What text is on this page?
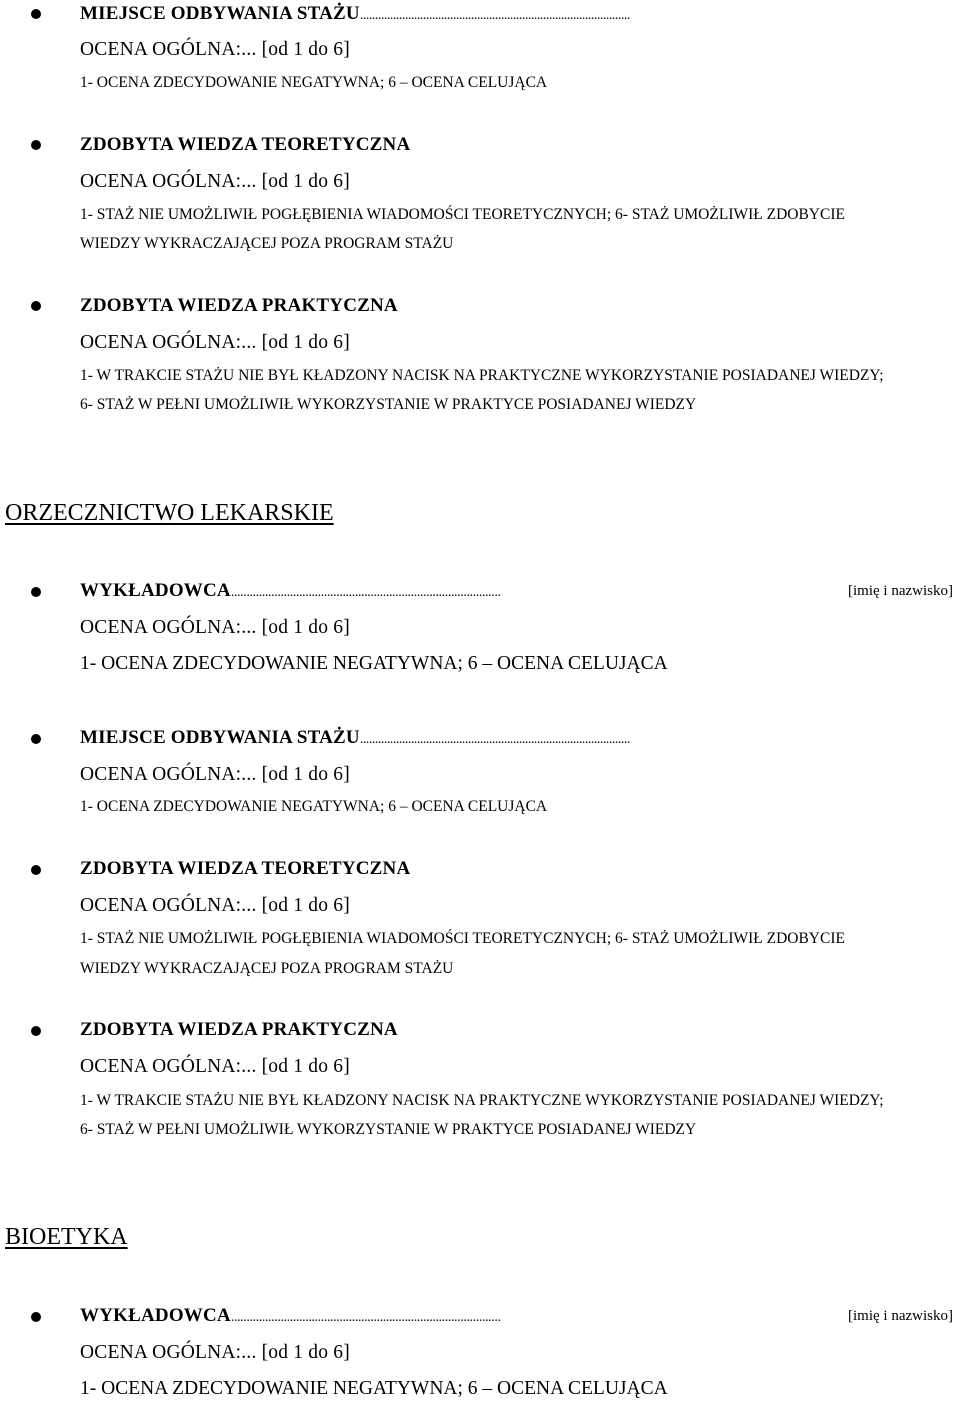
MIEJSCE ODBYWANIA STAŻU..........................................................................................
OCENA OGÓLNA:... [od 1 do 6]
1- OCENA ZDECYDOWANIE NEGATYWNA; 6 – OCENA CELUJĄCA
ZDOBYTA WIEDZA TEORETYCZNA
OCENA OGÓLNA:... [od 1 do 6]
1- STAŻ NIE UMOŻLIWIŁ POGŁĘBIENIA WIADOMOŚCI TEORETYCZNYCH; 6- STAŻ UMOŻLIWIŁ ZDOBYCIE
WIEDZY WYKRACZAJĄCEJ POZA PROGRAM STAŻU
ZDOBYTA WIEDZA PRAKTYCZNA
OCENA OGÓLNA:... [od 1 do 6]
1- W TRAKCIE STAŻU NIE BYŁ KŁADZONY NACISK NA PRAKTYCZNE WYKORZYSTANIE POSIADANEJ WIEDZY;
6- STAŻ W PEŁNI UMOŻLIWIŁ WYKORZYSTANIE W PRAKTYCE POSIADANEJ WIEDZY
ORZECZNICTWO LEKARSKIE
WYKŁADOWCA.......................................................................................	[imię i nazwisko]
OCENA OGÓLNA:... [od 1 do 6]
1- OCENA ZDECYDOWANIE NEGATYWNA; 6 – OCENA CELUJĄCA
MIEJSCE ODBYWANIA STAŻU..........................................................................................
OCENA OGÓLNA:... [od 1 do 6]
1- OCENA ZDECYDOWANIE NEGATYWNA; 6 – OCENA CELUJĄCA
ZDOBYTA WIEDZA TEORETYCZNA
OCENA OGÓLNA:... [od 1 do 6]
1- STAŻ NIE UMOŻLIWIŁ POGŁĘBIENIA WIADOMOŚCI TEORETYCZNYCH; 6- STAŻ UMOŻLIWIŁ ZDOBYCIE
WIEDZY WYKRACZAJĄCEJ POZA PROGRAM STAŻU
ZDOBYTA WIEDZA PRAKTYCZNA
OCENA OGÓLNA:... [od 1 do 6]
1- W TRAKCIE STAŻU NIE BYŁ KŁADZONY NACISK NA PRAKTYCZNE WYKORZYSTANIE POSIADANEJ WIEDZY;
6- STAŻ W PEŁNI UMOŻLIWIŁ WYKORZYSTANIE W PRAKTYCE POSIADANEJ WIEDZY
BIOETYKA
WYKŁADOWCA.......................................................................................	[imię i nazwisko]
OCENA OGÓLNA:... [od 1 do 6]
1- OCENA ZDECYDOWANIE NEGATYWNA; 6 – OCENA CELUJĄCA
